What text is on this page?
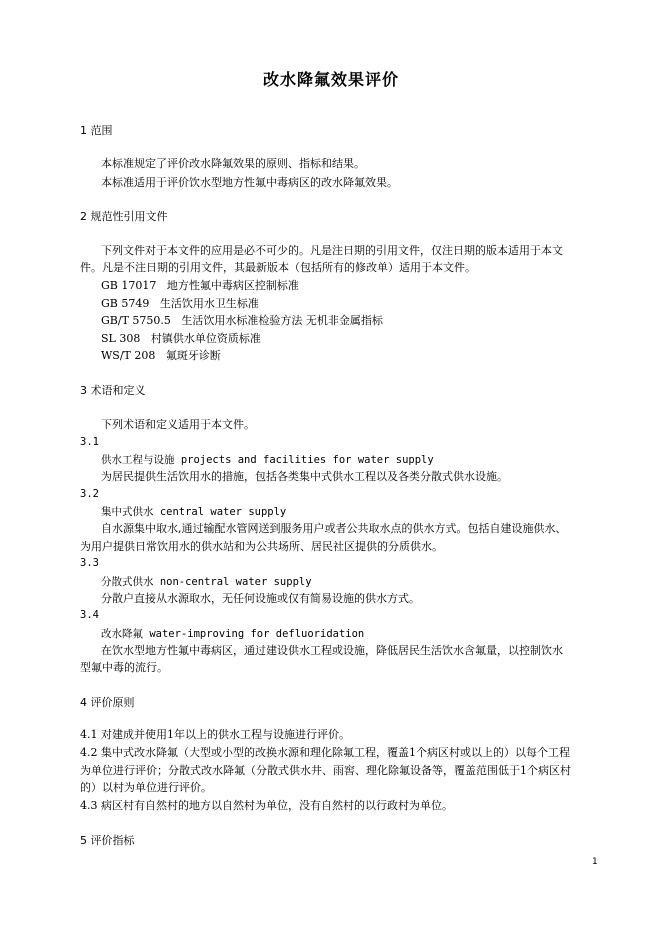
改水降氟效果评价
1 范围
本标准规定了评价改水降氟效果的原则、指标和结果。
本标准适用于评价饮水型地方性氟中毒病区的改水降氟效果。
2 规范性引用文件
下列文件对于本文件的应用是必不可少的。凡是注日期的引用文件，仅注日期的版本适用于本文
件。凡是不注日期的引用文件，其最新版本（包括所有的修改单）适用于本文件。
GB 17017 地方性氟中毒病区控制标准
GB 5749 生活饮用水卫生标准
GB/T 5750.5 生活饮用水标准检验方法 无机非金属指标
SL 308 村镇供水单位资质标准
WS/T 208 氟斑牙诊断
3 术语和定义
下列术语和定义适用于本文件。
3.1
供水工程与设施 projects and facilities for water supply
为居民提供生活饮用水的措施，包括各类集中式供水工程以及各类分散式供水设施。
3.2
集中式供水 central water supply
自水源集中取水,通过输配水管网送到服务用户或者公共取水点的供水方式。包括自建设施供水、
为用户提供日常饮用水的供水站和为公共场所、居民社区提供的分质供水。
3.3
分散式供水 non-central water supply
分散户直接从水源取水，无任何设施或仅有简易设施的供水方式。
3.4
改水降氟 water-improving for defluoridation
在饮水型地方性氟中毒病区，通过建设供水工程或设施，降低居民生活饮水含氟量，以控制饮水
型氟中毒的流行。
4 评价原则
4.1 对建成并使用1年以上的供水工程与设施进行评价。
4.2 集中式改水降氟（大型或小型的改换水源和理化除氟工程，覆盖1个病区村或以上的）以每个工程
为单位进行评价；分散式改水降氟（分散式供水井、雨窖、理化除氟设备等，覆盖范围低于1个病区村
的）以村为单位进行评价。
4.3 病区村有自然村的地方以自然村为单位，没有自然村的以行政村为单位。
5 评价指标
1
